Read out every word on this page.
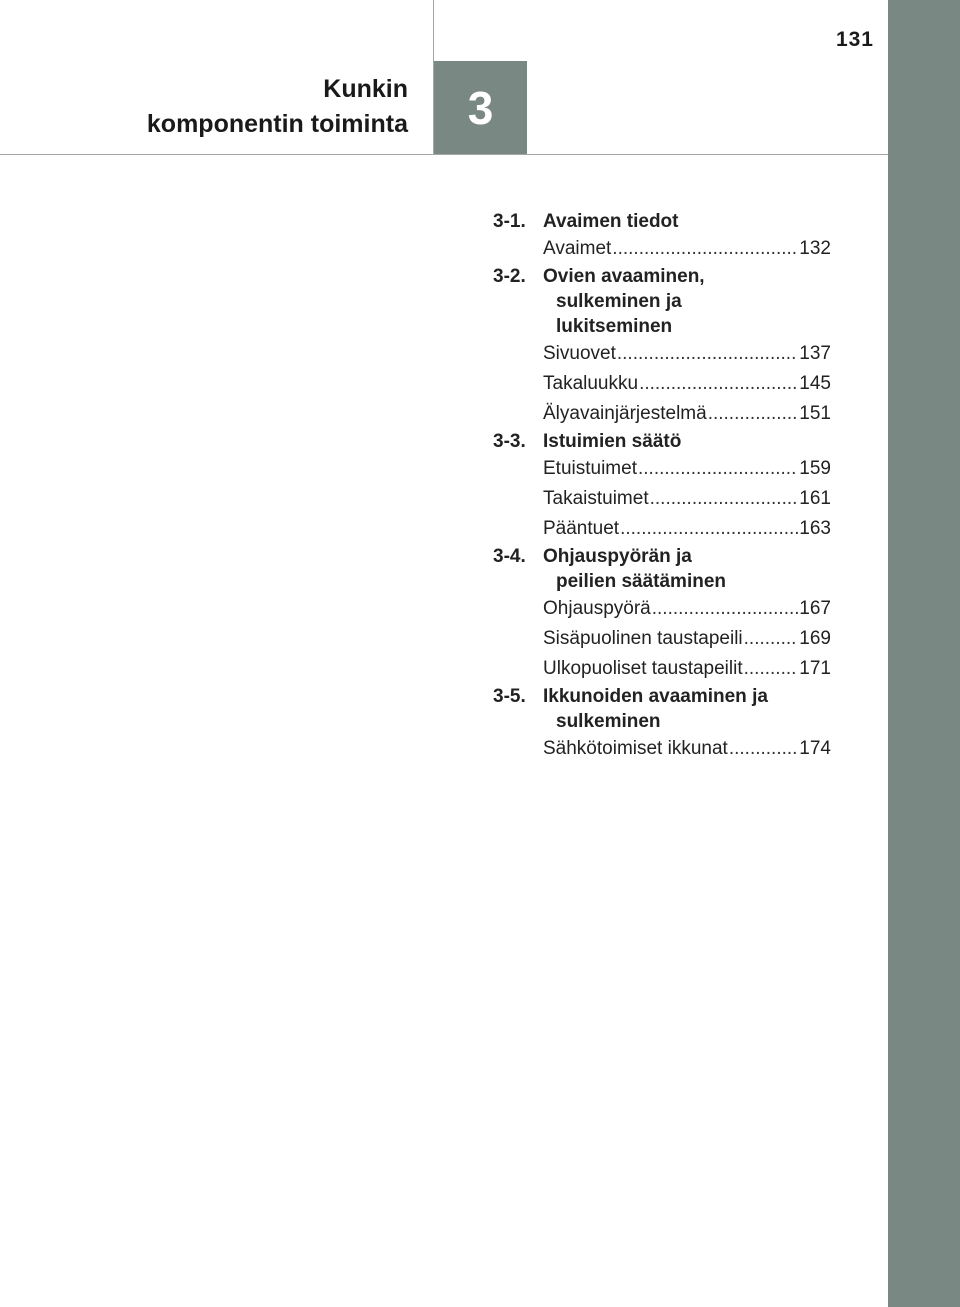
131
3
Kunkin
komponentin toiminta
3-1. Avaimen tiedot
Avaimet .....	132
3-2. Ovien avaaminen,
sulkeminen ja
lukitseminen
Sivuovet .....	137
Takaluukku .....	145
Älyavainjärjestelmä .....	151
3-3. Istuimien säätö
Etuistuimet .....	159
Takaistuimet .....	161
Pääntuet .....	163
3-4. Ohjauspyörän ja
peilien säätäminen
Ohjauspyörä .....	167
Sisäpuolinen taustapeili .....	169
Ulkopuoliset taustapeilit .....	171
3-5. Ikkunoiden avaaminen ja
sulkeminen
Sähkötoimiset ikkunat .....	174
